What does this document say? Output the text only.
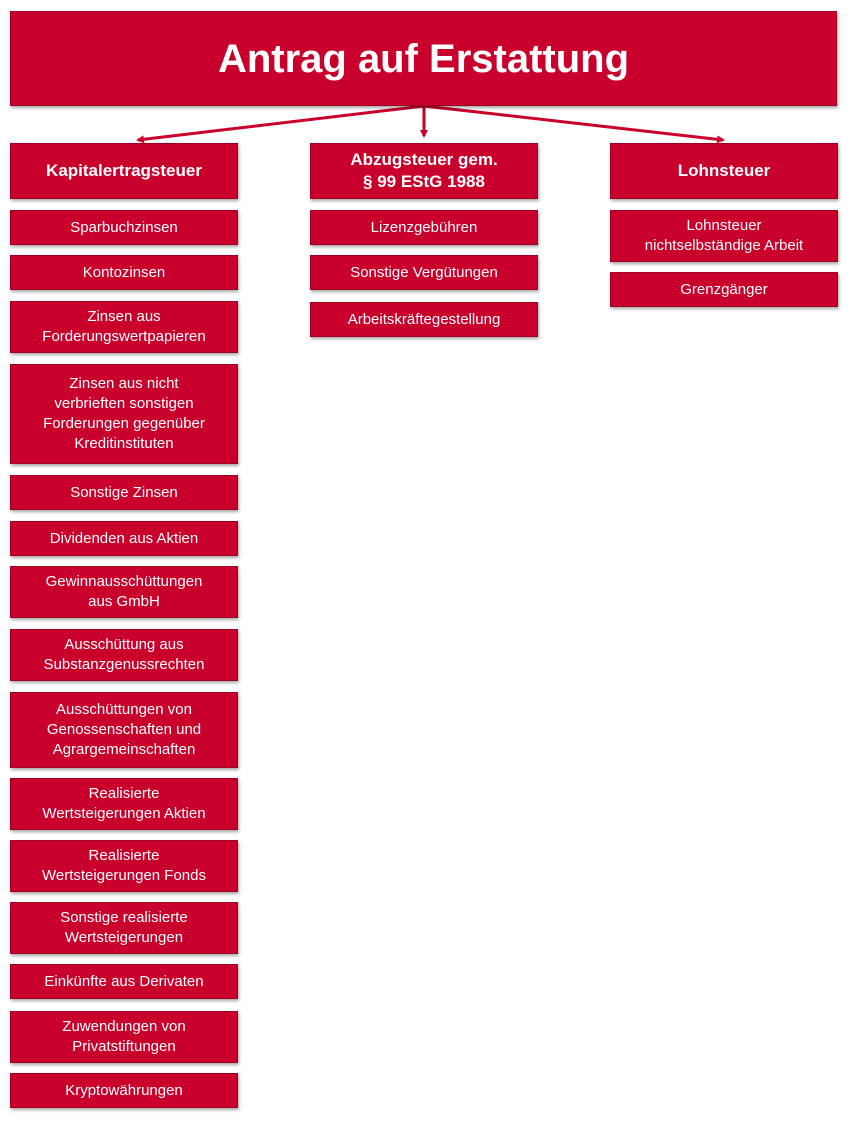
Antrag auf Erstattung
Kapitalertragsteuer
Sparbuchzinsen
Kontozinsen
Zinsen aus
Forderungswertpapieren
Zinsen aus nicht
verbrieften sonstigen
Forderungen gegenüber
Kreditinstituten
Sonstige Zinsen
Dividenden aus Aktien
Gewinnausschüttungen
aus GmbH
Ausschüttung aus
Substanzgenussrechten
Ausschüttungen von
Genossenschaften und
Agrargemeinschaften
Realisierte
Wertsteigerungen Aktien
Realisierte
Wertsteigerungen Fonds
Sonstige realisierte
Wertsteigerungen
Einkünfte aus Derivaten
Zuwendungen von
Privatstiftungen
Kryptowährungen
Abzugsteuer gem.
§ 99 EStG 1988
Lizenzgebühren
Sonstige Vergütungen
Arbeitskräftegestellung
Lohnsteuer
Lohnsteuer
nichtselbständige Arbeit
Grenzgänger
